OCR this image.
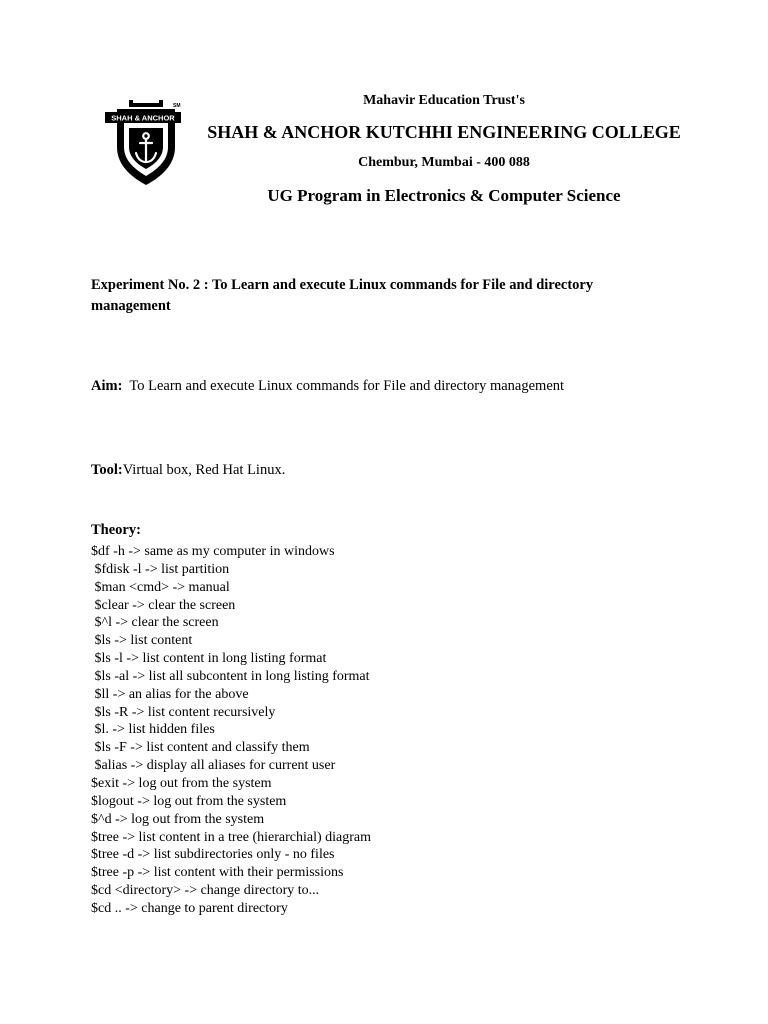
SHAH & ANCHOR
SM	Mahavir Education Trust's

SHAH & ANCHOR KUTCHHI ENGINEERING COLLEGE

Chembur, Mumbai - 400 088

UG Program in Electronics & Computer Science

Experiment No. 2 : To Learn and execute Linux commands for File and directory management

Aim:  To Learn and execute Linux commands for File and directory management

Tool:Virtual box, Red Hat Linux.

Theory:

$df -h -> same as my computer in windows
$fdisk -l -> list partition
$man <cmd> -> manual
$clear -> clear the screen
$^l -> clear the screen
$ls -> list content
$ls -l -> list content in long listing format
$ls -al -> list all subcontent in long listing format
$ll -> an alias for the above
$ls -R -> list content recursively
$l. -> list hidden files
$ls -F -> list content and classify them
$alias -> display all aliases for current user
$exit -> log out from the system
$logout -> log out from the system
$^d -> log out from the system
$tree -> list content in a tree (hierarchial) diagram
$tree -d -> list subdirectories only - no files
$tree -p -> list content with their permissions
$cd <directory> -> change directory to...
$cd .. -> change to parent directory
